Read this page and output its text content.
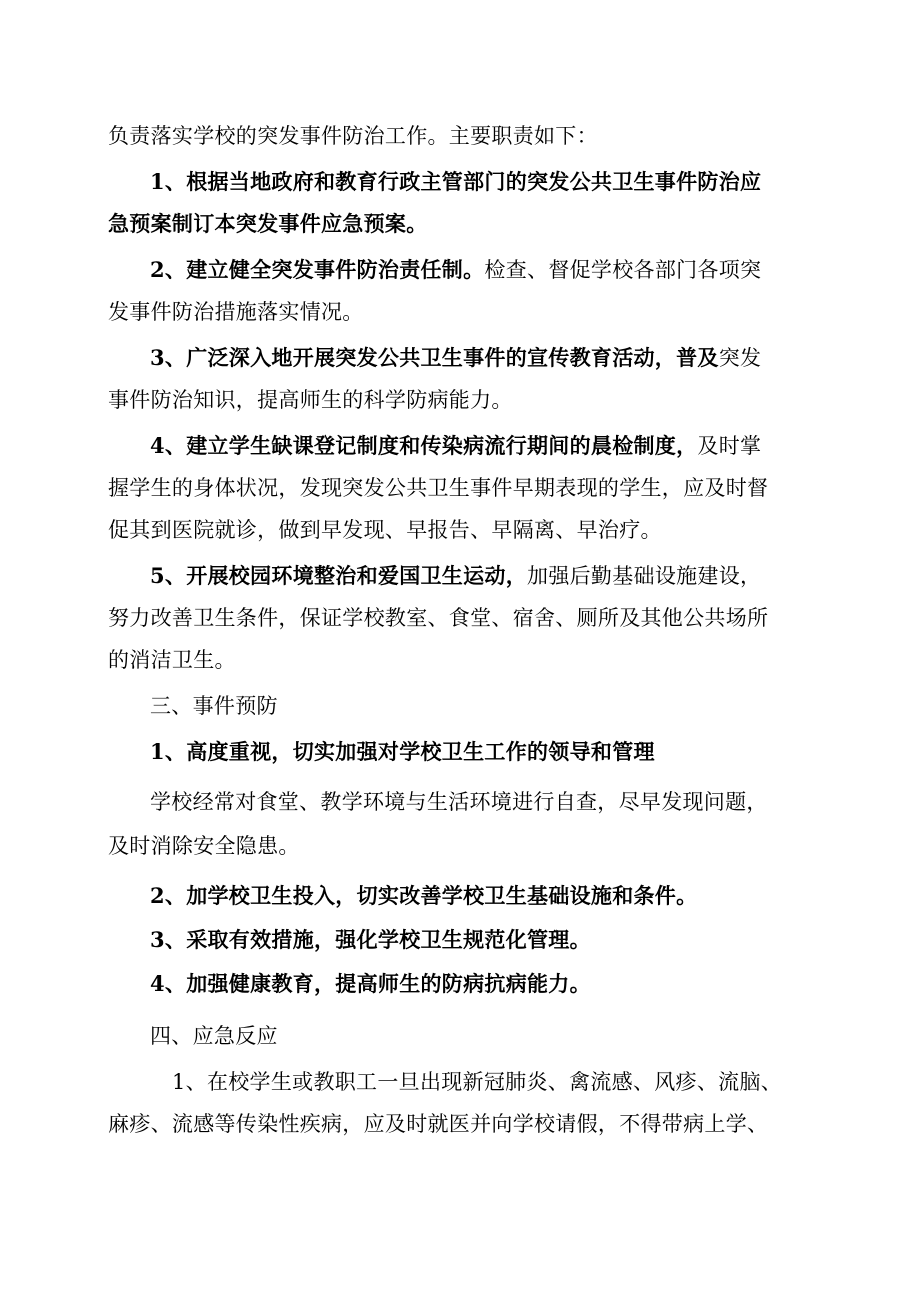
负责落实学校的突发事件防治工作。主要职责如下：
1、根据当地政府和教育行政主管部门的突发公共卫生事件防治应
急预案制订本突发事件应急预案。
2、建立健全突发事件防治责任制。检查、督促学校各部门各项突
发事件防治措施落实情况。
3、广泛深入地开展突发公共卫生事件的宣传教育活动，普及突发
事件防治知识，提高师生的科学防病能力。
4、建立学生缺课登记制度和传染病流行期间的晨检制度，及时掌
握学生的身体状况，发现突发公共卫生事件早期表现的学生，应及时督
促其到医院就诊，做到早发现、早报告、早隔离、早治疗。
5、开展校园环境整治和爱国卫生运动，加强后勤基础设施建设，
努力改善卫生条件，保证学校教室、食堂、宿舍、厕所及其他公共场所
的消洁卫生。
三、事件预防
1、高度重视，切实加强对学校卫生工作的领导和管理
学校经常对食堂、教学环境与生活环境进行自查，尽早发现问题，
及时消除安全隐患。
2、加学校卫生投入，切实改善学校卫生基础设施和条件。
3、采取有效措施，强化学校卫生规范化管理。
4、加强健康教育，提高师生的防病抗病能力。
四、应急反应
1、在校学生或教职工一旦出现新冠肺炎、禽流感、风疹、流脑、
麻疹、流感等传染性疾病，应及时就医并向学校请假，不得带病上学、
